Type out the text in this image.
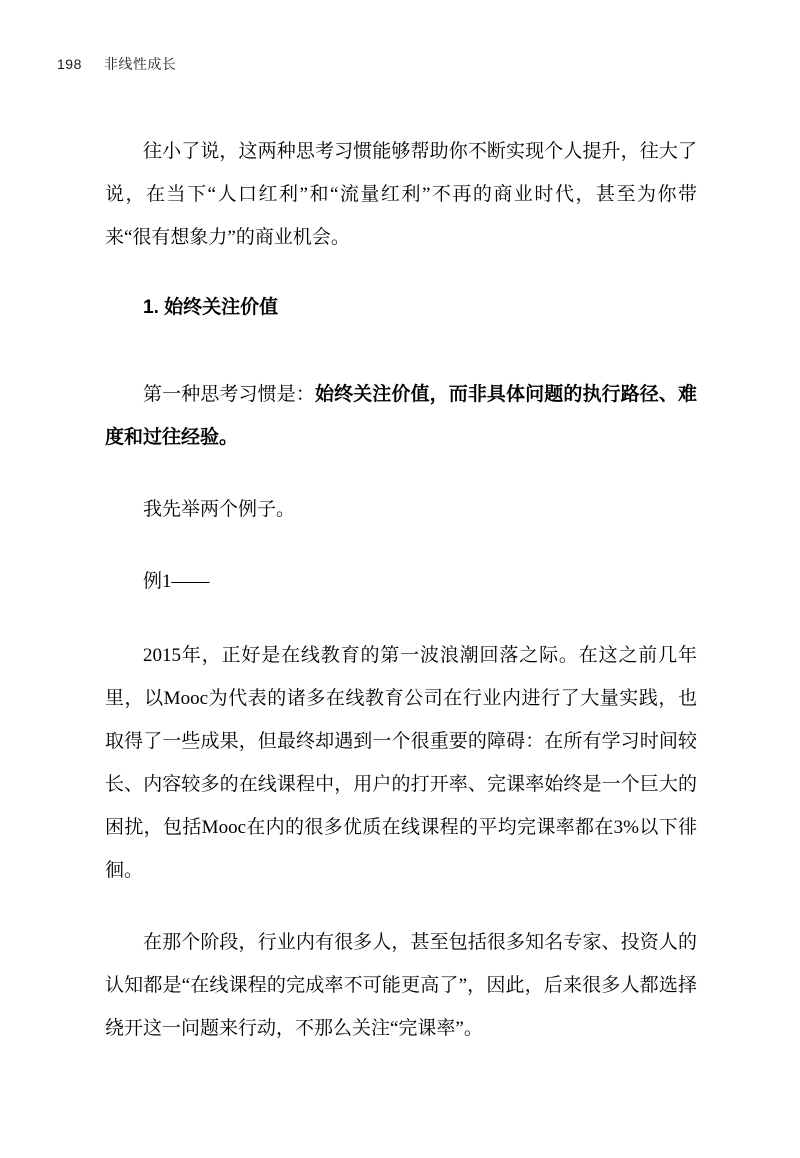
198 非线性成长

往小了说，这两种思考习惯能够帮助你不断实现个人提升，往大了说，在当下“人口红利”和“流量红利”不再的商业时代，甚至为你带来“很有想象力”的商业机会。

1. 始终关注价值

第一种思考习惯是：始终关注价值，而非具体问题的执行路径、难度和过往经验。

我先举两个例子。

例1——

2015年，正好是在线教育的第一波浪潮回落之际。在这之前几年里，以Mooc为代表的诸多在线教育公司在行业内进行了大量实践，也取得了一些成果，但最终却遇到一个很重要的障碍：在所有学习时间较长、内容较多的在线课程中，用户的打开率、完课率始终是一个巨大的困扰，包括Mooc在内的很多优质在线课程的平均完课率都在3%以下徘徊。

在那个阶段，行业内有很多人，甚至包括很多知名专家、投资人的认知都是“在线课程的完成率不可能更高了”，因此，后来很多人都选择绕开这一问题来行动，不那么关注“完课率”。
